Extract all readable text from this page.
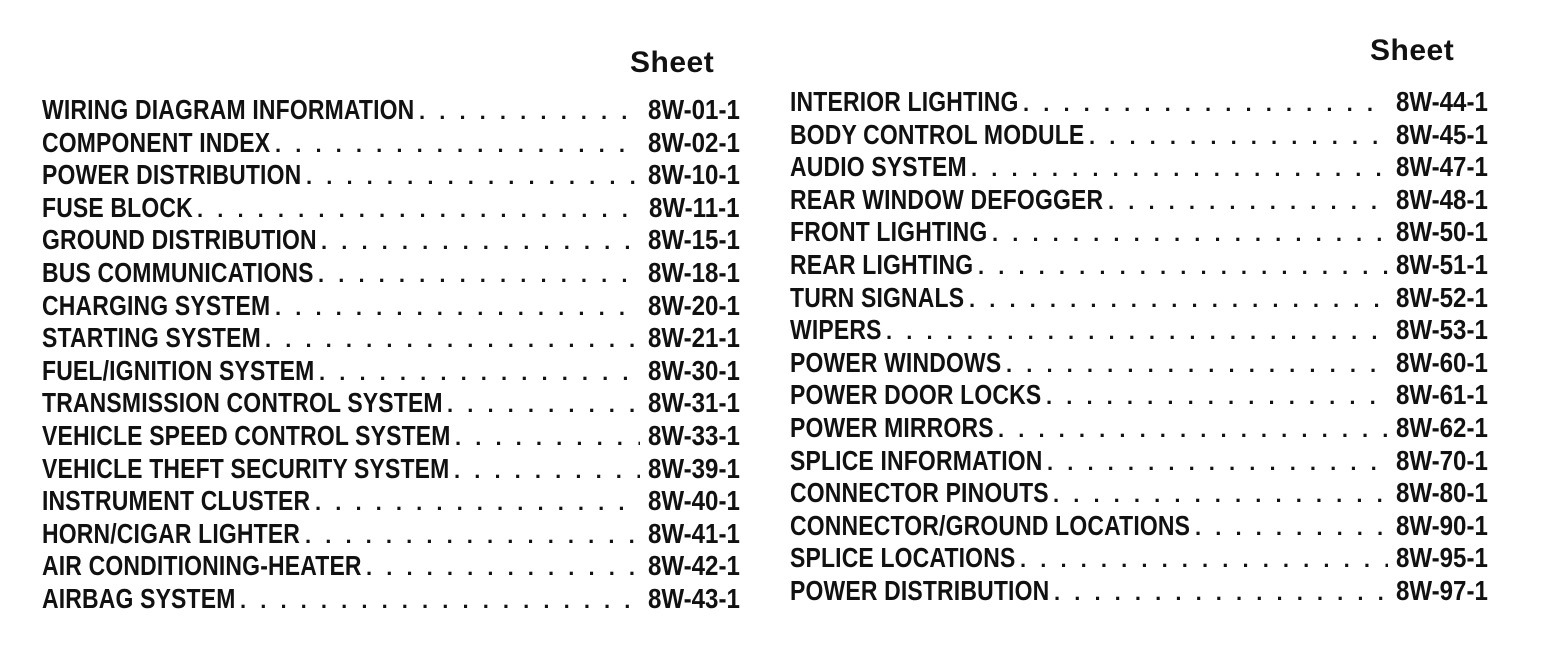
Sheet
WIRING DIAGRAM INFORMATION . . .	8W-01-1
COMPONENT INDEX . . .	8W-02-1
POWER DISTRIBUTION . . .	8W-10-1
FUSE BLOCK . . .	8W-11-1
GROUND DISTRIBUTION . . .	8W-15-1
BUS COMMUNICATIONS . . .	8W-18-1
CHARGING SYSTEM . . .	8W-20-1
STARTING SYSTEM . . .	8W-21-1
FUEL/IGNITION SYSTEM . . .	8W-30-1
TRANSMISSION CONTROL SYSTEM . . .	8W-31-1
VEHICLE SPEED CONTROL SYSTEM . . .	8W-33-1
VEHICLE THEFT SECURITY SYSTEM . . .	8W-39-1
INSTRUMENT CLUSTER . . .	8W-40-1
HORN/CIGAR LIGHTER . . .	8W-41-1
AIR CONDITIONING-HEATER . . .	8W-42-1
AIRBAG SYSTEM . . .	8W-43-1
Sheet
INTERIOR LIGHTING . . .	8W-44-1
BODY CONTROL MODULE . . .	8W-45-1
AUDIO SYSTEM . . .	8W-47-1
REAR WINDOW DEFOGGER . . .	8W-48-1
FRONT LIGHTING . . .	8W-50-1
REAR LIGHTING . . .	8W-51-1
TURN SIGNALS . . .	8W-52-1
WIPERS . . .	8W-53-1
POWER WINDOWS . . .	8W-60-1
POWER DOOR LOCKS . . .	8W-61-1
POWER MIRRORS . . .	8W-62-1
SPLICE INFORMATION . . .	8W-70-1
CONNECTOR PINOUTS . . .	8W-80-1
CONNECTOR/GROUND LOCATIONS . . .	8W-90-1
SPLICE LOCATIONS . . .	8W-95-1
POWER DISTRIBUTION . . .	8W-97-1
